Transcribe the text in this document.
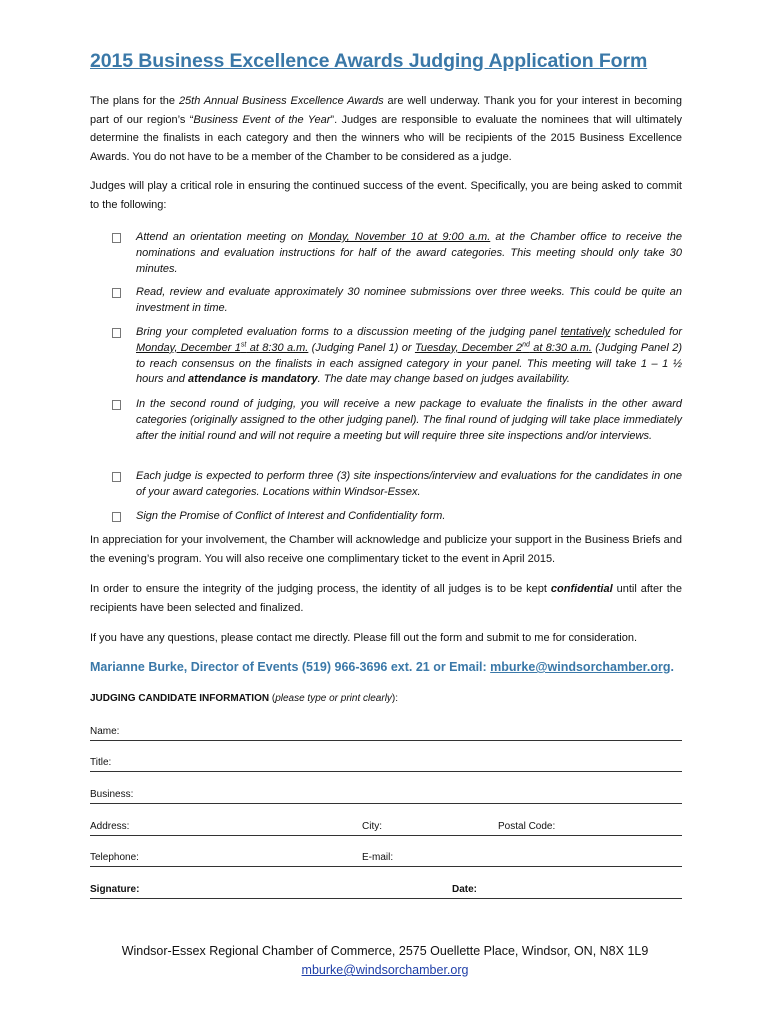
2015 Business Excellence Awards Judging Application Form

The plans for the 25th Annual Business Excellence Awards are well underway. Thank you for your interest in becoming part of our region’s “Business Event of the Year”. Judges are responsible to evaluate the nominees that will ultimately determine the finalists in each category and then the winners who will be recipients of the 2015 Business Excellence Awards. You do not have to be a member of the Chamber to be considered as a judge.

Judges will play a critical role in ensuring the continued success of the event. Specifically, you are being asked to commit to the following:

Attend an orientation meeting on Monday, November 10 at 9:00 a.m. at the Chamber office to receive the nominations and evaluation instructions for half of the award categories. This meeting should only take 30 minutes.
Read, review and evaluate approximately 30 nominee submissions over three weeks. This could be quite an investment in time.
Bring your completed evaluation forms to a discussion meeting of the judging panel tentatively scheduled for Monday, December 1st at 8:30 a.m. (Judging Panel 1) or Tuesday, December 2nd at 8:30 a.m. (Judging Panel 2) to reach consensus on the finalists in each assigned category in your panel. This meeting will take 1 – 1 ½ hours and attendance is mandatory. The date may change based on judges availability.
In the second round of judging, you will receive a new package to evaluate the finalists in the other award categories (originally assigned to the other judging panel). The final round of judging will take place immediately after the initial round and will not require a meeting but will require three site inspections and/or interviews.
Each judge is expected to perform three (3) site inspections/interview and evaluations for the candidates in one of your award categories. Locations within Windsor-Essex.
Sign the Promise of Conflict of Interest and Confidentiality form.

In appreciation for your involvement, the Chamber will acknowledge and publicize your support in the Business Briefs and the evening’s program. You will also receive one complimentary ticket to the event in April 2015.

In order to ensure the integrity of the judging process, the identity of all judges is to be kept confidential until after the recipients have been selected and finalized.

If you have any questions, please contact me directly. Please fill out the form and submit to me for consideration.

Marianne Burke, Director of Events (519) 966-3696 ext. 21 or Email: mburke@windsorchamber.org.

JUDGING CANDIDATE INFORMATION (please type or print clearly):

Name:
Title:
Business:
Address:	City:	Postal Code:
Telephone:	E-mail:
Signature:	Date:
Windsor-Essex Regional Chamber of Commerce, 2575 Ouellette Place, Windsor, ON, N8X 1L9
mburke@windsorchamber.org
